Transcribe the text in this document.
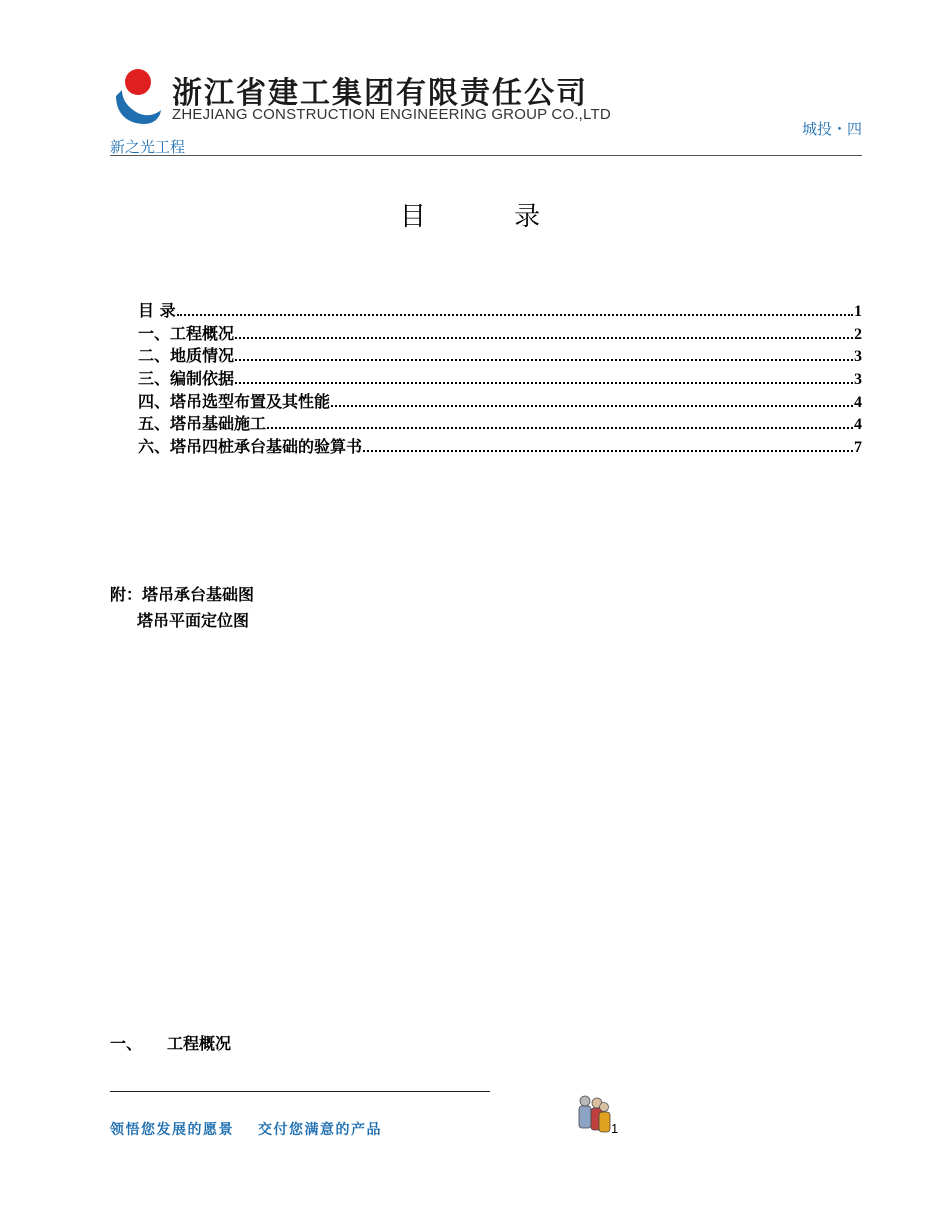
浙江省建工集团有限责任公司
ZHEJIANG CONSTRUCTION ENGINEERING GROUP CO.,LTD
新之光工程
城投・四
目 录
目 录	1
一、工程概况	2
二、地质情况	3
三、编制依据	3
四、塔吊选型布置及其性能	4
五、塔吊基础施工	4
六、塔吊四桩承台基础的验算书	7
附：塔吊承台基础图
塔吊平面定位图
一、 工程概况
领悟您发展的愿景 交付您满意的产品	1
